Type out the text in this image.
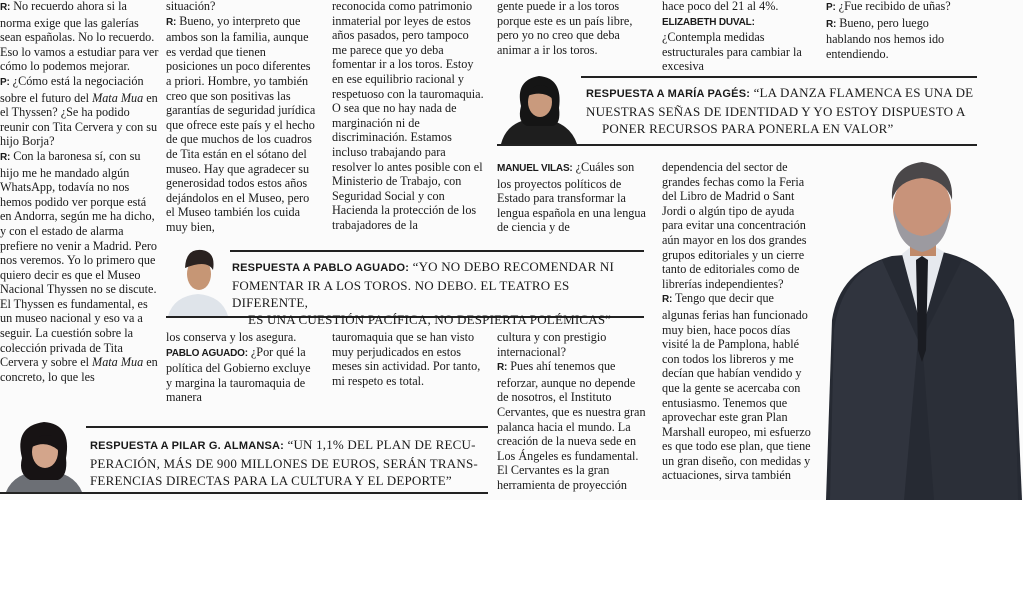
R: No recuerdo ahora si la norma exige que las galerías sean españolas. No lo recuerdo. Eso lo vamos a estudiar para ver cómo lo podemos mejorar.

P: ¿Cómo está la negociación sobre el futuro del Mata Mua en el Thyssen? ¿Se ha podido reunir con Tita Cervera y con su hijo Borja?

R: Con la baronesa sí, con su hijo me he mandado algún WhatsApp, todavía no nos hemos podido ver porque está en Andorra, según me ha dicho, y con el estado de alarma prefiere no venir a Madrid. Pero nos veremos. Yo lo primero que quiero decir es que el Museo Nacional Thyssen no se discute. El Thyssen es fundamental, es un museo nacional y eso va a seguir. La cuestión sobre la colección privada de Tita Cervera y sobre el Mata Mua en concreto, lo que les

situación?

R: Bueno, yo interpreto que ambos son la familia, aunque es verdad que tienen posiciones un poco diferentes a priori. Hombre, yo también creo que son positivas las garantías de seguridad jurídica que ofrece este país y el hecho de que muchos de los cuadros de Tita están en el sótano del museo. Hay que agradecer su generosidad todos estos años dejándolos en el Museo, pero el Museo también los cuida muy bien,

reconocida como patrimonio inmaterial por leyes de estos años pasados, pero tampoco me parece que yo deba fomentar ir a los toros. Estoy en ese equilibrio racional y respetuoso con la tauromaquia. O sea que no hay nada de marginación ni de discriminación. Estamos incluso trabajando para resolver lo antes posible con el Ministerio de Trabajo, con Seguridad Social y con Hacienda la protección de los trabajadores de la

gente puede ir a los toros porque este es un país libre, pero yo no creo que deba animar a ir los toros.

hace poco del 21 al 4%.

ELIZABETH DUVAL: ¿Contempla medidas estructurales para cambiar la excesiva

P: ¿Fue recibido de uñas?

R: Bueno, pero luego hablando nos hemos ido entendiendo.

RESPUESTA A MARÍA PAGÉS: “LA DANZA FLAMENCA ES UNA DE
NUESTRAS SEÑAS DE IDENTIDAD Y YO ESTOY DISPUESTO A
PONER RECURSOS PARA PONERLA EN VALOR”

MANUEL VILAS: ¿Cuáles son los proyectos políticos de Estado para transformar la lengua española en una lengua de ciencia y de

dependencia del sector de grandes fechas como la Feria del Libro de Madrid o Sant Jordi o algún tipo de ayuda para evitar una concentración aún mayor en los dos grandes grupos editoriales y un cierre tanto de editoriales como de librerías independientes?

R: Tengo que decir que algunas ferias han funcionado muy bien, hace pocos días visité la de Pamplona, hablé con todos los libreros y me decían que habían vendido y que la gente se acercaba con entusiasmo. Tenemos que aprovechar este gran Plan Marshall europeo, mi esfuerzo es que todo ese plan, que tiene un gran diseño, con medidas y actuaciones, sirva también

RESPUESTA A PABLO AGUADO: “YO NO DEBO RECOMENDAR NI
FOMENTAR IR A LOS TOROS. NO DEBO. EL TEATRO ES DIFERENTE,
ES UNA CUESTIÓN PACÍFICA, NO DESPIERTA POLÉMICAS”

los conserva y los asegura.

PABLO AGUADO: ¿Por qué la política del Gobierno excluye y margina la tauromaquia de manera

tauromaquia que se han visto muy perjudicados en estos meses sin actividad. Por tanto, mi respeto es total.

cultura y con prestigio internacional?

R: Pues ahí tenemos que reforzar, aunque no depende de nosotros, el Instituto Cervantes, que es nuestra gran palanca hacia el mundo. La creación de la nueva sede en Los Ángeles es fundamental. El Cervantes es la gran herramienta de proyección

RESPUESTA A PILAR G. ALMANSA: “UN 1,1% DEL PLAN DE RECU-
PERACIÓN, MÁS DE 900 MILLONES DE EUROS, SERÁN TRANS-
FERENCIAS DIRECTAS PARA LA CULTURA Y EL DEPORTE”
